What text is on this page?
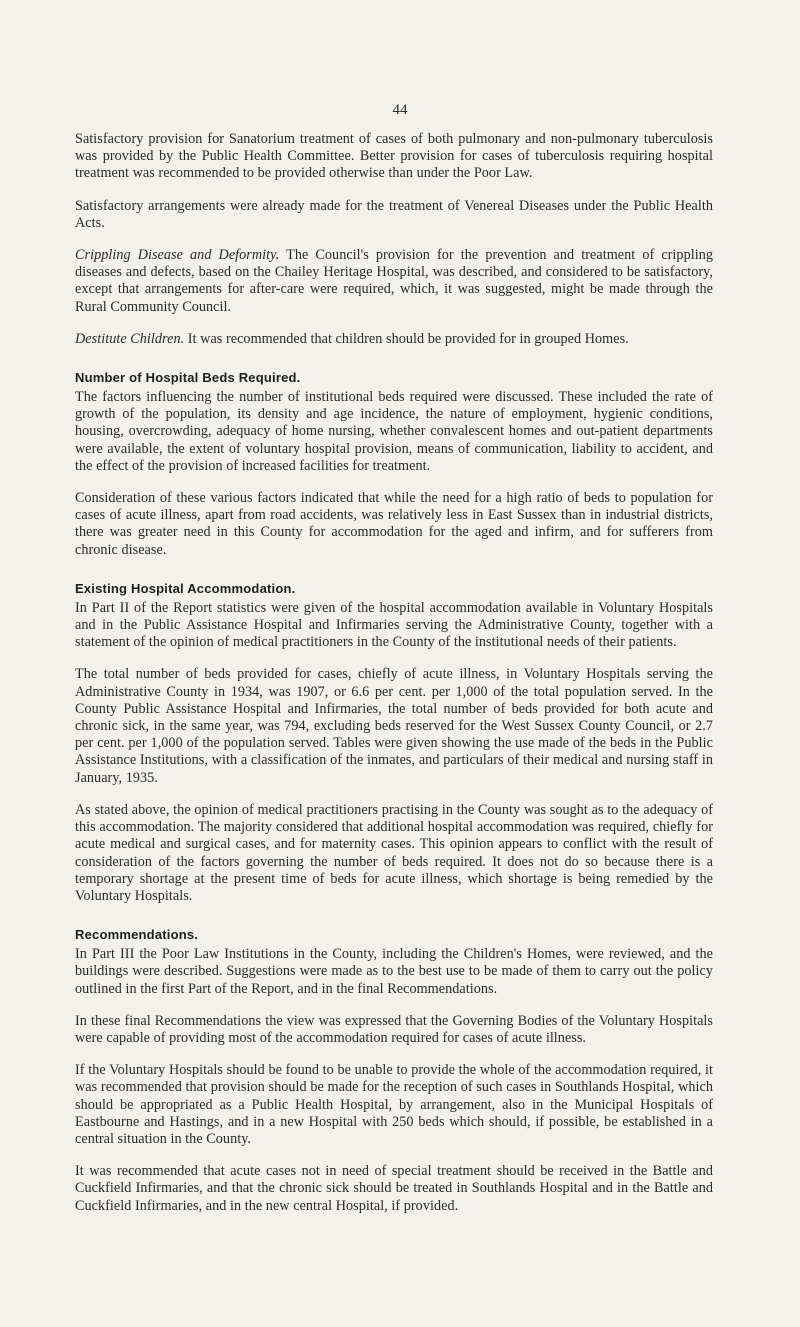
44

Satisfactory provision for Sanatorium treatment of cases of both pulmonary and non-pulmonary tuberculosis was provided by the Public Health Committee. Better provision for cases of tuberculosis requiring hospital treatment was recommended to be provided otherwise than under the Poor Law.

Satisfactory arrangements were already made for the treatment of Venereal Diseases under the Public Health Acts.

Crippling Disease and Deformity. The Council's provision for the prevention and treatment of crippling diseases and defects, based on the Chailey Heritage Hospital, was described, and considered to be satisfactory, except that arrangements for after-care were required, which, it was suggested, might be made through the Rural Community Council.

Destitute Children. It was recommended that children should be provided for in grouped Homes.

Number of Hospital Beds Required.

The factors influencing the number of institutional beds required were discussed. These included the rate of growth of the population, its density and age incidence, the nature of employment, hygienic conditions, housing, overcrowding, adequacy of home nursing, whether convalescent homes and out-patient departments were available, the extent of voluntary hospital provision, means of communication, liability to accident, and the effect of the provision of increased facilities for treatment.

Consideration of these various factors indicated that while the need for a high ratio of beds to population for cases of acute illness, apart from road accidents, was relatively less in East Sussex than in industrial districts, there was greater need in this County for accommodation for the aged and infirm, and for sufferers from chronic disease.

Existing Hospital Accommodation.

In Part II of the Report statistics were given of the hospital accommodation available in Voluntary Hospitals and in the Public Assistance Hospital and Infirmaries serving the Administrative County, together with a statement of the opinion of medical practitioners in the County of the institutional needs of their patients.

The total number of beds provided for cases, chiefly of acute illness, in Voluntary Hospitals serving the Administrative County in 1934, was 1907, or 6.6 per cent. per 1,000 of the total population served. In the County Public Assistance Hospital and Infirmaries, the total number of beds provided for both acute and chronic sick, in the same year, was 794, excluding beds reserved for the West Sussex County Council, or 2.7 per cent. per 1,000 of the population served. Tables were given showing the use made of the beds in the Public Assistance Institutions, with a classification of the inmates, and particulars of their medical and nursing staff in January, 1935.

As stated above, the opinion of medical practitioners practising in the County was sought as to the adequacy of this accommodation. The majority considered that additional hospital accommodation was required, chiefly for acute medical and surgical cases, and for maternity cases. This opinion appears to conflict with the result of consideration of the factors governing the number of beds required. It does not do so because there is a temporary shortage at the present time of beds for acute illness, which shortage is being remedied by the Voluntary Hospitals.

Recommendations.

In Part III the Poor Law Institutions in the County, including the Children's Homes, were reviewed, and the buildings were described. Suggestions were made as to the best use to be made of them to carry out the policy outlined in the first Part of the Report, and in the final Recommendations.

In these final Recommendations the view was expressed that the Governing Bodies of the Voluntary Hospitals were capable of providing most of the accommodation required for cases of acute illness.

If the Voluntary Hospitals should be found to be unable to provide the whole of the accommodation required, it was recommended that provision should be made for the reception of such cases in Southlands Hospital, which should be appropriated as a Public Health Hospital, by arrangement, also in the Municipal Hospitals of Eastbourne and Hastings, and in a new Hospital with 250 beds which should, if possible, be established in a central situation in the County.

It was recommended that acute cases not in need of special treatment should be received in the Battle and Cuckfield Infirmaries, and that the chronic sick should be treated in Southlands Hospital and in the Battle and Cuckfield Infirmaries, and in the new central Hospital, if provided.
